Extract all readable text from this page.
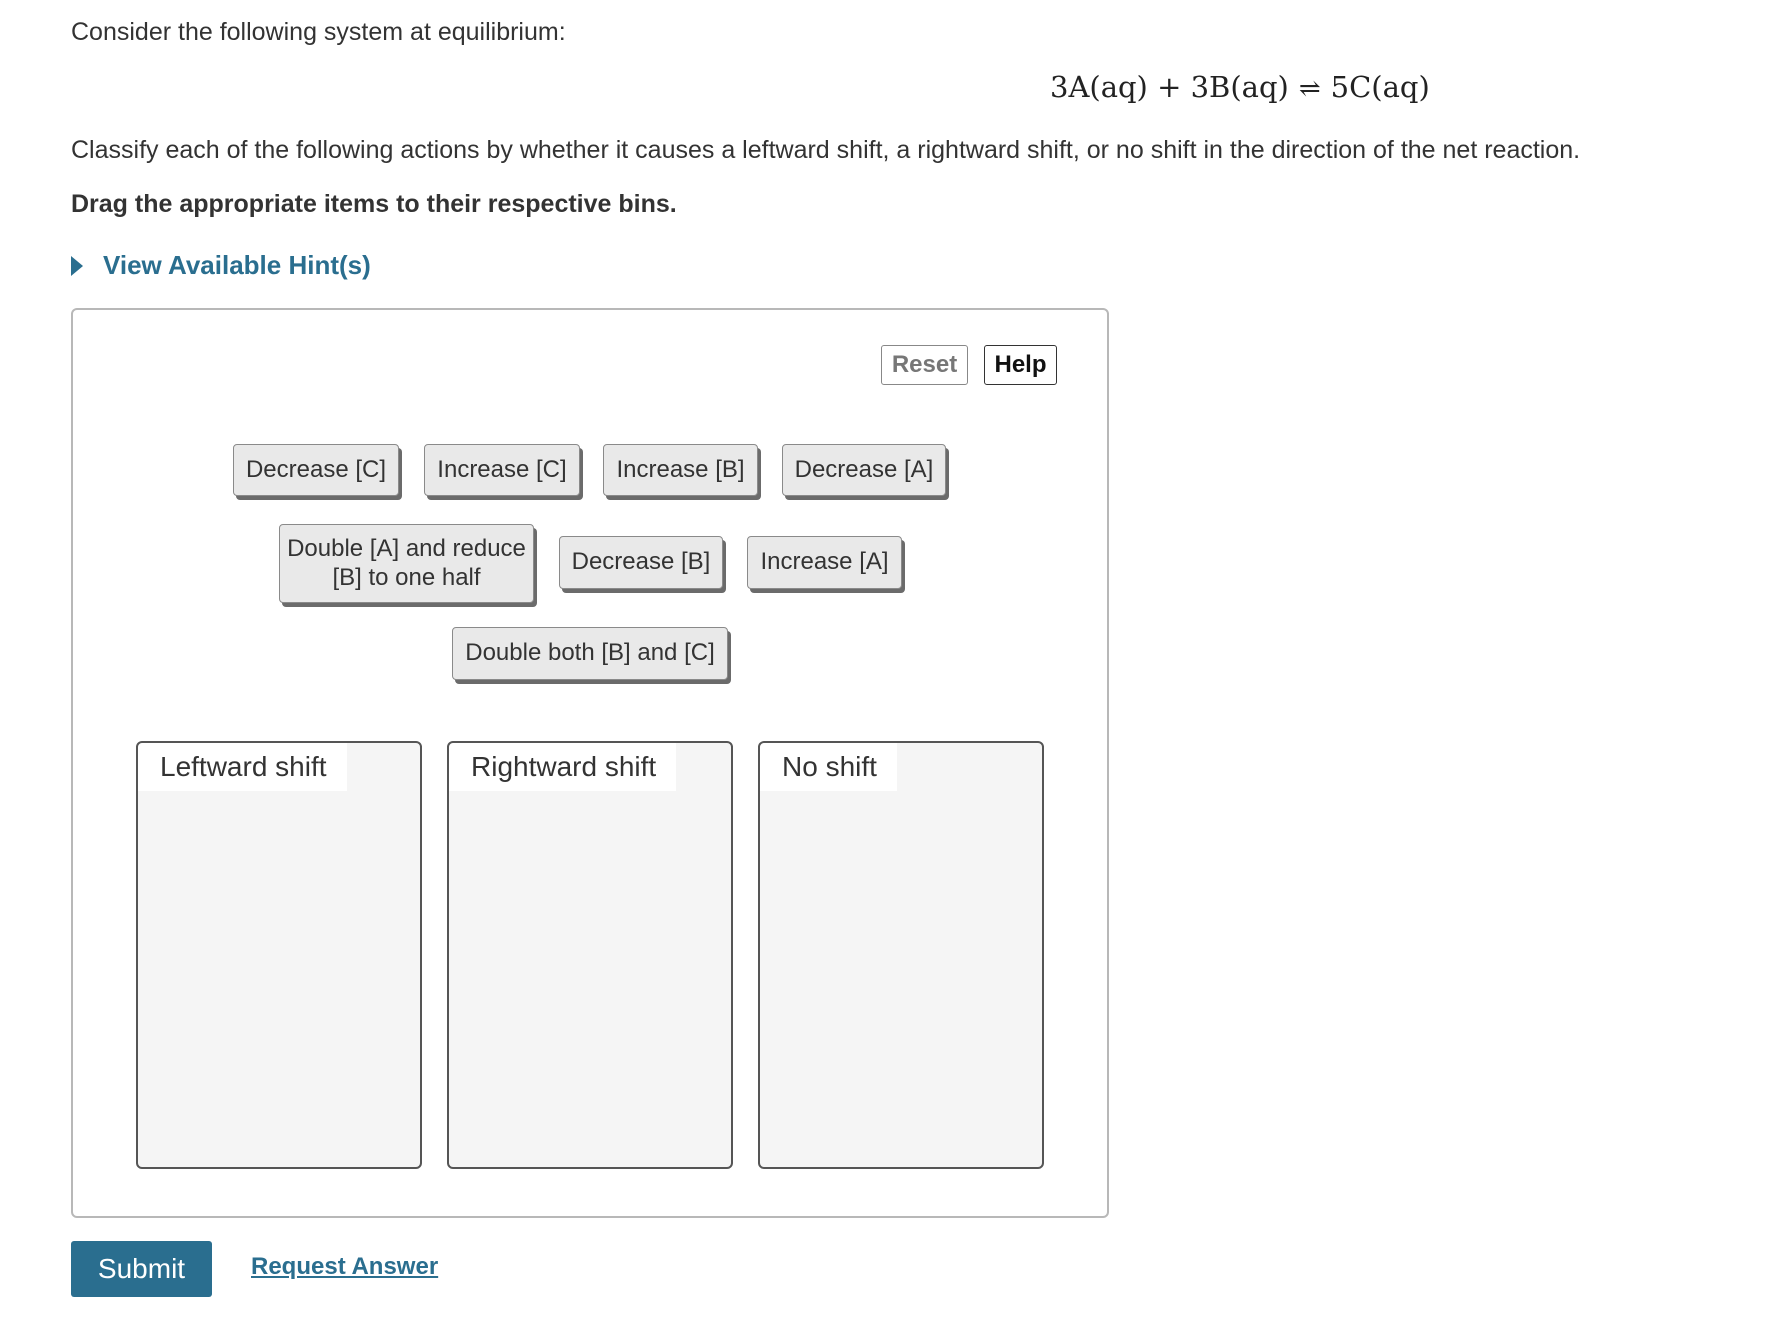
Consider the following system at equilibrium:
3A(aq) + 3B(aq) ⇌ 5C(aq)
Classify each of the following actions by whether it causes a leftward shift, a rightward shift, or no shift in the direction of the net reaction.
Drag the appropriate items to their respective bins.
View Available Hint(s)
Reset	Help
Decrease [C]	Increase [C]	Increase [B]	Decrease [A]
Double [A] and reduce [B] to one half
Decrease [B]	Increase [A]
Double both [B] and [C]
Leftward shift	Rightward shift	No shift
Submit	Request Answer
